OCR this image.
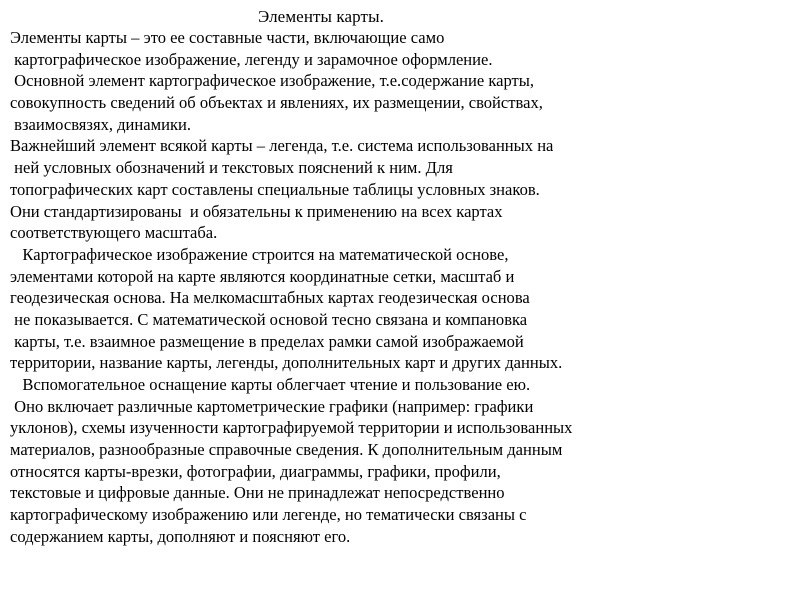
Элементы карты.
Элементы карты – это ее составные части, включающие само
картографическое изображение, легенду и зарамочное оформление.
Основной элемент картографическое изображение, т.е.содержание карты,
совокупность сведений об объектах и явлениях, их размещении, свойствах,
взаимосвязях, динамики.
Важнейший элемент всякой карты – легенда, т.е. система использованных на
ней условных обозначений и текстовых пояснений к ним. Для
топографических карт составлены специальные таблицы условных знаков.
Они стандартизированы  и обязательны к применению на всех картах
соответствующего масштаба.
Картографическое изображение строится на математической основе,
элементами которой на карте являются координатные сетки, масштаб и
геодезическая основа. На мелкомасштабных картах геодезическая основа
не показывается. С математической основой тесно связана и компановка
карты, т.е. взаимное размещение в пределах рамки самой изображаемой
территории, название карты, легенды, дополнительных карт и других данных.
Вспомогательное оснащение карты облегчает чтение и пользование ею.
Оно включает различные картометрические графики (например: графики
уклонов), схемы изученности картографируемой территории и использованных
материалов, разнообразные справочные сведения. К дополнительным данным
относятся карты-врезки, фотографии, диаграммы, графики, профили,
текстовые и цифровые данные. Они не принадлежат непосредственно
картографическому изображению или легенде, но тематически связаны с
содержанием карты, дополняют и поясняют его.
